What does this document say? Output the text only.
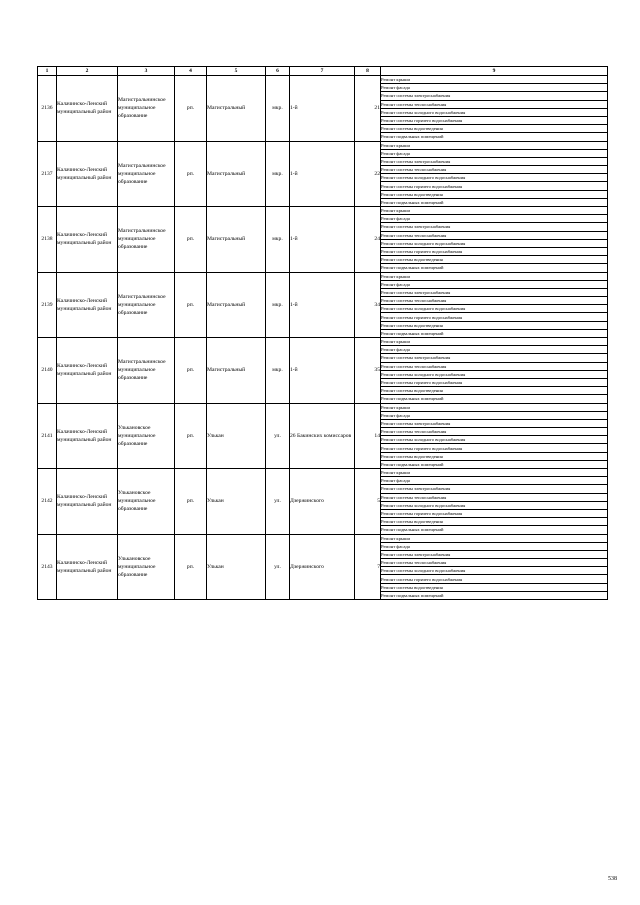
1	2	3	4	5	6	7	8	9
2136	Калачинско-Ленский муниципальный район	Магистральнинское муниципальное образование	рп.	Магистральный	мкр.	1-й	21	Ремонт крыши
								Ремонт фасада
								Ремонт системы электроснабжения
								Ремонт системы теплоснабжения
								Ремонт системы холодного водоснабжения
								Ремонт системы горячего водоснабжения
								Ремонт системы водоотведения
								Ремонт подвальных помещений
2137	Калачинско-Ленский муниципальный район	Магистральнинское муниципальное образование	рп.	Магистральный	мкр.	1-й	22	Ремонт крыши
								Ремонт фасада
								Ремонт системы электроснабжения
								Ремонт системы теплоснабжения
								Ремонт системы холодного водоснабжения
								Ремонт системы горячего водоснабжения
								Ремонт системы водоотведения
								Ремонт подвальных помещений
2138	Калачинско-Ленский муниципальный район	Магистральнинское муниципальное образование	рп.	Магистральный	мкр.	1-й	24	Ремонт крыши
								Ремонт фасада
								Ремонт системы электроснабжения
								Ремонт системы теплоснабжения
								Ремонт системы холодного водоснабжения
								Ремонт системы горячего водоснабжения
								Ремонт системы водоотведения
								Ремонт подвальных помещений
2139	Калачинско-Ленский муниципальный район	Магистральнинское муниципальное образование	рп.	Магистральный	мкр.	1-й	34	Ремонт крыши
								Ремонт фасада
								Ремонт системы электроснабжения
								Ремонт системы теплоснабжения
								Ремонт системы холодного водоснабжения
								Ремонт системы горячего водоснабжения
								Ремонт системы водоотведения
								Ремонт подвальных помещений
2140	Калачинско-Ленский муниципальный район	Магистральнинское муниципальное образование	рп.	Магистральный	мкр.	1-й	35	Ремонт крыши
								Ремонт фасада
								Ремонт системы электроснабжения
								Ремонт системы теплоснабжения
								Ремонт системы холодного водоснабжения
								Ремонт системы горячего водоснабжения
								Ремонт системы водоотведения
								Ремонт подвальных помещений
2141	Калачинско-Ленский муниципальный район	Улькановское муниципальное образование	рп.	Улькан	ул.	26 Бакинских комиссаров	14	Ремонт крыши
								Ремонт фасада
								Ремонт системы электроснабжения
								Ремонт системы теплоснабжения
								Ремонт системы холодного водоснабжения
								Ремонт системы горячего водоснабжения
								Ремонт системы водоотведения
								Ремонт подвальных помещений
2142	Калачинско-Ленский муниципальный район	Улькановское муниципальное образование	рп.	Улькан	ул.	Дзержинского	5	Ремонт крыши
								Ремонт фасада
								Ремонт системы электроснабжения
								Ремонт системы теплоснабжения
								Ремонт системы холодного водоснабжения
								Ремонт системы горячего водоснабжения
								Ремонт системы водоотведения
								Ремонт подвальных помещений
2143	Калачинско-Ленский муниципальный район	Улькановское муниципальное образование	рп.	Улькан	ул.	Дзержинского	7	Ремонт крыши
								Ремонт фасада
								Ремонт системы электроснабжения
								Ремонт системы теплоснабжения
								Ремонт системы холодного водоснабжения
								Ремонт системы горячего водоснабжения
								Ремонт системы водоотведения
								Ремонт подвальных помещений
538
